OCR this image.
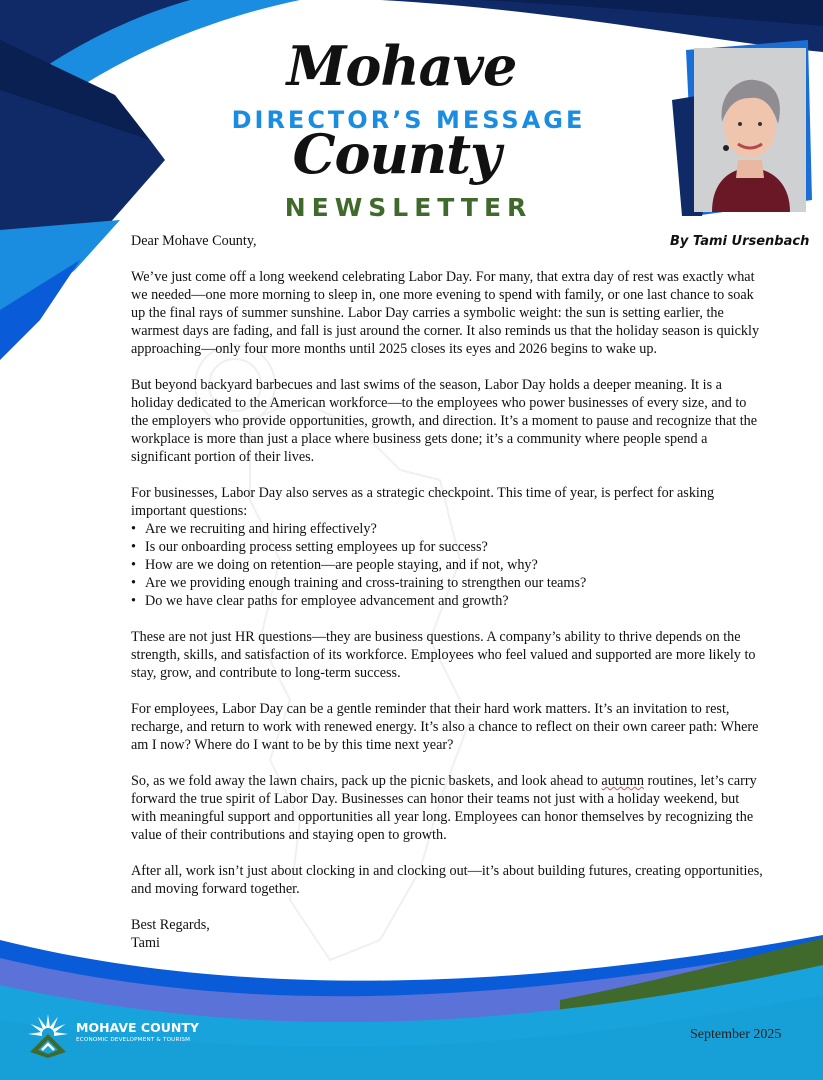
Mohave
DIRECTOR’S MESSAGE
County
NEWSLETTER
By Tami Ursenbach

Dear Mohave County,

We’ve just come off a long weekend celebrating Labor Day. For many, that extra day of rest was exactly what we needed—one more morning to sleep in, one more evening to spend with family, or one last chance to soak up the final rays of summer sunshine. Labor Day carries a symbolic weight: the sun is setting earlier, the warmest days are fading, and fall is just around the corner. It also reminds us that the holiday season is quickly approaching—only four more months until 2025 closes its eyes and 2026 begins to wake up.

But beyond backyard barbecues and last swims of the season, Labor Day holds a deeper meaning. It is a holiday dedicated to the American workforce—to the employees who power businesses of every size, and to the employers who provide opportunities, growth, and direction. It’s a moment to pause and recognize that the workplace is more than just a place where business gets done; it’s a community where people spend a significant portion of their lives.

For businesses, Labor Day also serves as a strategic checkpoint. This time of year, is perfect for asking important questions:

• Are we recruiting and hiring effectively?
• Is our onboarding process setting employees up for success?
• How are we doing on retention—are people staying, and if not, why?
• Are we providing enough training and cross-training to strengthen our teams?
• Do we have clear paths for employee advancement and growth?

These are not just HR questions—they are business questions. A company’s ability to thrive depends on the strength, skills, and satisfaction of its workforce. Employees who feel valued and supported are more likely to stay, grow, and contribute to long-term success.

For employees, Labor Day can be a gentle reminder that their hard work matters. It’s an invitation to rest, recharge, and return to work with renewed energy. It’s also a chance to reflect on their own career path: Where am I now? Where do I want to be by this time next year?

So, as we fold away the lawn chairs, pack up the picnic baskets, and look ahead to autumn routines, let’s carry forward the true spirit of Labor Day. Businesses can honor their teams not just with a holiday weekend, but with meaningful support and opportunities all year long. Employees can honor themselves by recognizing the value of their contributions and staying open to growth.

After all, work isn’t just about clocking in and clocking out—it’s about building futures, creating opportunities, and moving forward together.

Best Regards,
Tami

MOHAVE COUNTY
ECONOMIC DEVELOPMENT & TOURISM	September 2025
